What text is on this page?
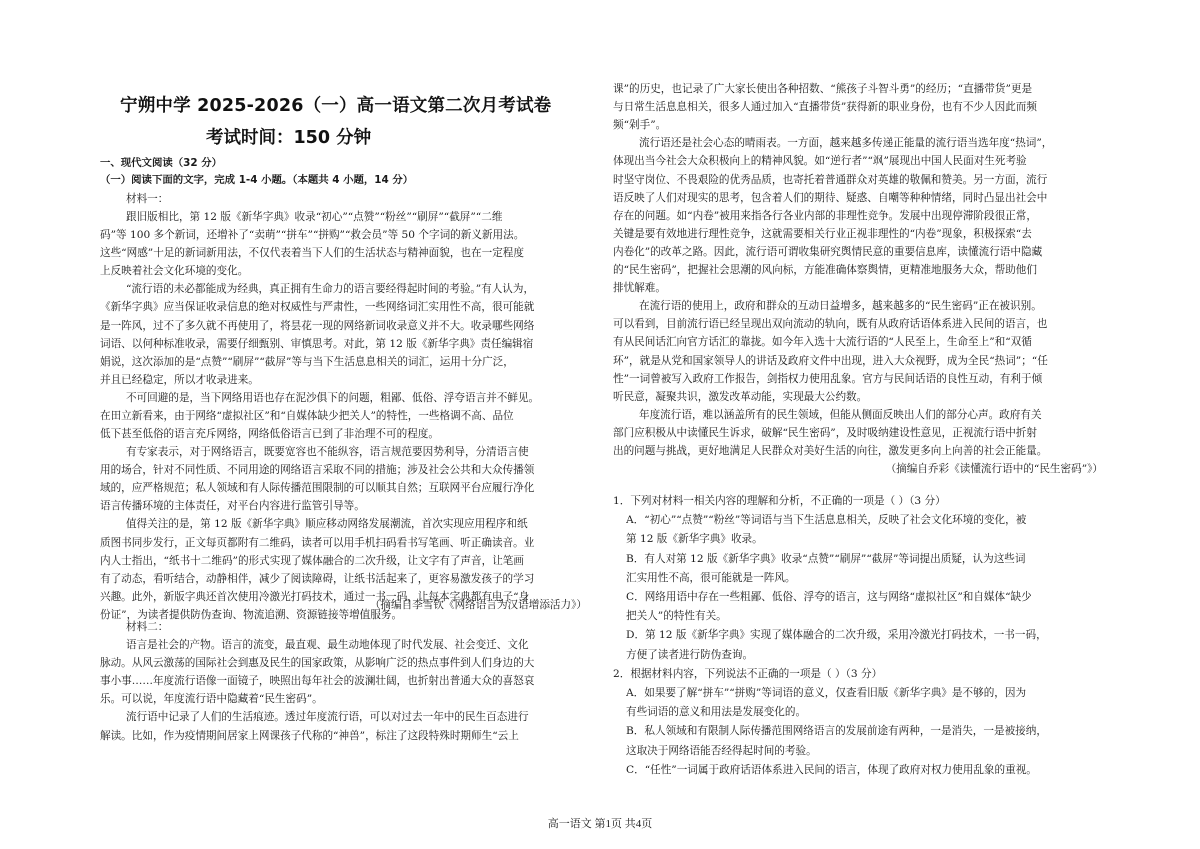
宁朔中学 2025-2026（一）高一语文第二次月考试卷
考试时间：150 分钟
一、现代文阅读（32 分）
（一）阅读下面的文字，完成 1-4 小题。（本题共 4 小题，14 分）
材料一：
跟旧版相比，第 12 版《新华字典》收录“初心”“点赞”“粉丝”“刷屏”“截屏”“二维
码”等 100 多个新词，还增补了“卖萌”“拼车”“拼购”“救会员”等 50 个字词的新义新用法。
这些“网感”十足的新词新用法，不仅代表着当下人们的生活状态与精神面貌，也在一定程度
上反映着社会文化环境的变化。
“流行语的未必都能成为经典，真正拥有生命力的语言要经得起时间的考验。”有人认为，
《新华字典》应当保证收录信息的绝对权威性与严肃性，一些网络词汇实用性不高，很可能就
是一阵风，过不了多久就不再使用了，将昙花一现的网络新词收录意义并不大。收录哪些网络
词语、以何种标准收录，需要仔细甄别、审慎思考。对此，第 12 版《新华字典》责任编辑宿
娟说，这次添加的是“点赞”“刷屏”“截屏”等与当下生活息息相关的词汇，运用十分广泛，
并且已经稳定，所以才收录进来。
不可回避的是，当下网络用语也存在泥沙俱下的问题，粗鄙、低俗、浮夸语言并不鲜见。
在田立新看来，由于网络“虚拟社区”和“自媒体缺少把关人”的特性，一些格调不高、品位
低下甚至低俗的语言充斥网络，网络低俗语言已到了非治理不可的程度。
有专家表示，对于网络语言，既要宽容也不能纵容，语言规范要因势利导，分清语言使
用的场合，针对不同性质、不同用途的网络语言采取不同的措施；涉及社会公共和大众传播领
域的，应严格规范；私人领域和有人际传播范围限制的可以顺其自然；互联网平台应履行净化
语言传播环境的主体责任，对平台内容进行监管引导等。
值得关注的是，第 12 版《新华字典》顺应移动网络发展潮流，首次实现应用程序和纸
质图书同步发行，正文每页都附有二维码，读者可以用手机扫码看书写笔画、听正确读音。业
内人士指出，“纸书十二维码”的形式实现了媒体融合的二次升级，让文字有了声音，让笔画
有了动态，看听结合，动静相伴，减少了阅读障碍，让纸书活起来了，更容易激发孩子的学习
兴趣。此外，新版字典还首次使用冷激光打码技术，通过一书一码，让每本字典都有电子“身
份证”，为读者提供防伪查询、物流追溯、资源链接等增值服务。
（摘编自李雪钦《网络语言为汉语增添活力》）
材料二：
语言是社会的产物。语言的流变，最直观、最生动地体现了时代发展、社会变迁、文化
脉动。从风云激荡的国际社会到惠及民生的国家政策，从影响广泛的热点事件到人们身边的大
事小事……年度流行语像一面镜子，映照出每年社会的波澜壮阔，也折射出普通大众的喜怒哀
乐。可以说，年度流行语中隐藏着“民生密码”。
流行语中记录了人们的生活痕迹。透过年度流行语，可以对过去一年中的民生百态进行
解读。比如，作为疫情期间居家上网课孩子代称的“神兽”，标注了这段特殊时期师生“云上
课”的历史，也记录了广大家长使出各种招数、“熊孩子斗智斗勇”的经历；“直播带货”更是
与日常生活息息相关，很多人通过加入“直播带货”获得新的职业身份，也有不少人因此而频
频“剁手”。
流行语还是社会心态的晴雨表。一方面，越来越多传递正能量的流行语当选年度“热词”，
体现出当今社会大众积极向上的精神风貌。如“逆行者”“飒”展现出中国人民面对生死考验
时坚守岗位、不畏艰险的优秀品质，也寄托着普通群众对英雄的敬佩和赞美。另一方面，流行
语反映了人们对现实的思考，包含着人们的期待、疑惑、自嘲等种种情绪，同时凸显出社会中
存在的问题。如“内卷”被用来指各行各业内部的非理性竞争。发展中出现停滞阶段很正常，
关键是要有效地进行理性竞争，这就需要相关行业正视非理性的“内卷”现象，积极探索“去
内卷化”的改革之路。因此，流行语可谓收集研究舆情民意的重要信息库，读懂流行语中隐藏
的“民生密码”，把握社会思潮的风向标，方能准确体察舆情，更精准地服务大众，帮助他们
排忧解难。
在流行语的使用上，政府和群众的互动日益增多，越来越多的“民生密码”正在被识别。
可以看到，目前流行语已经呈现出双向流动的轨向，既有从政府话语体系进入民间的语言，也
有从民间话汇向官方话汇的靠拢。如今年入选十大流行语的“人民至上，生命至上”和“双循
环”，就是从党和国家领导人的讲话及政府文件中出现，进入大众视野，成为全民“热词”；“任
性”一词曾被写入政府工作报告，剑指权力使用乱象。官方与民间话语的良性互动，有利于倾
听民意，凝聚共识，激发改革动能，实现最大公约数。
年度流行语，难以涵盖所有的民生领域，但能从侧面反映出人们的部分心声。政府有关
部门应积极从中读懂民生诉求，破解“民生密码”，及时吸纳建设性意见，正视流行语中折射
出的问题与挑战，更好地满足人民群众对美好生活的向往，激发更多向上向善的社会正能量。
（摘编自乔彩《读懂流行语中的“民生密码”》）
1．下列对材料一相关内容的理解和分析，不正确的一项是（ ）（3 分）
A．“初心”“点赞”“粉丝”等词语与当下生活息息相关，反映了社会文化环境的变化，被
第 12 版《新华字典》收录。
B．有人对第 12 版《新华字典》收录“点赞”“刷屏”“截屏”等词提出质疑，认为这些词
汇实用性不高，很可能就是一阵风。
C．网络用语中存在一些粗鄙、低俗、浮夸的语言，这与网络“虚拟社区”和自媒体“缺少
把关人”的特性有关。
D．第 12 版《新华字典》实现了媒体融合的二次升级，采用冷激光打码技术，一书一码，
方便了读者进行防伪查询。
2．根据材料内容，下列说法不正确的一项是（ ）（3 分）
A．如果要了解“拼车”“拼购”等词语的意义，仅查看旧版《新华字典》是不够的，因为
有些词语的意义和用法是发展变化的。
B．私人领域和有限制人际传播范围网络语言的发展前途有两种，一是消失，一是被接纳，
这取决于网络语能否经得起时间的考验。
C．“任性”一词属于政府话语体系进入民间的语言，体现了政府对权力使用乱象的重视。
高一语文 第1页 共4页
